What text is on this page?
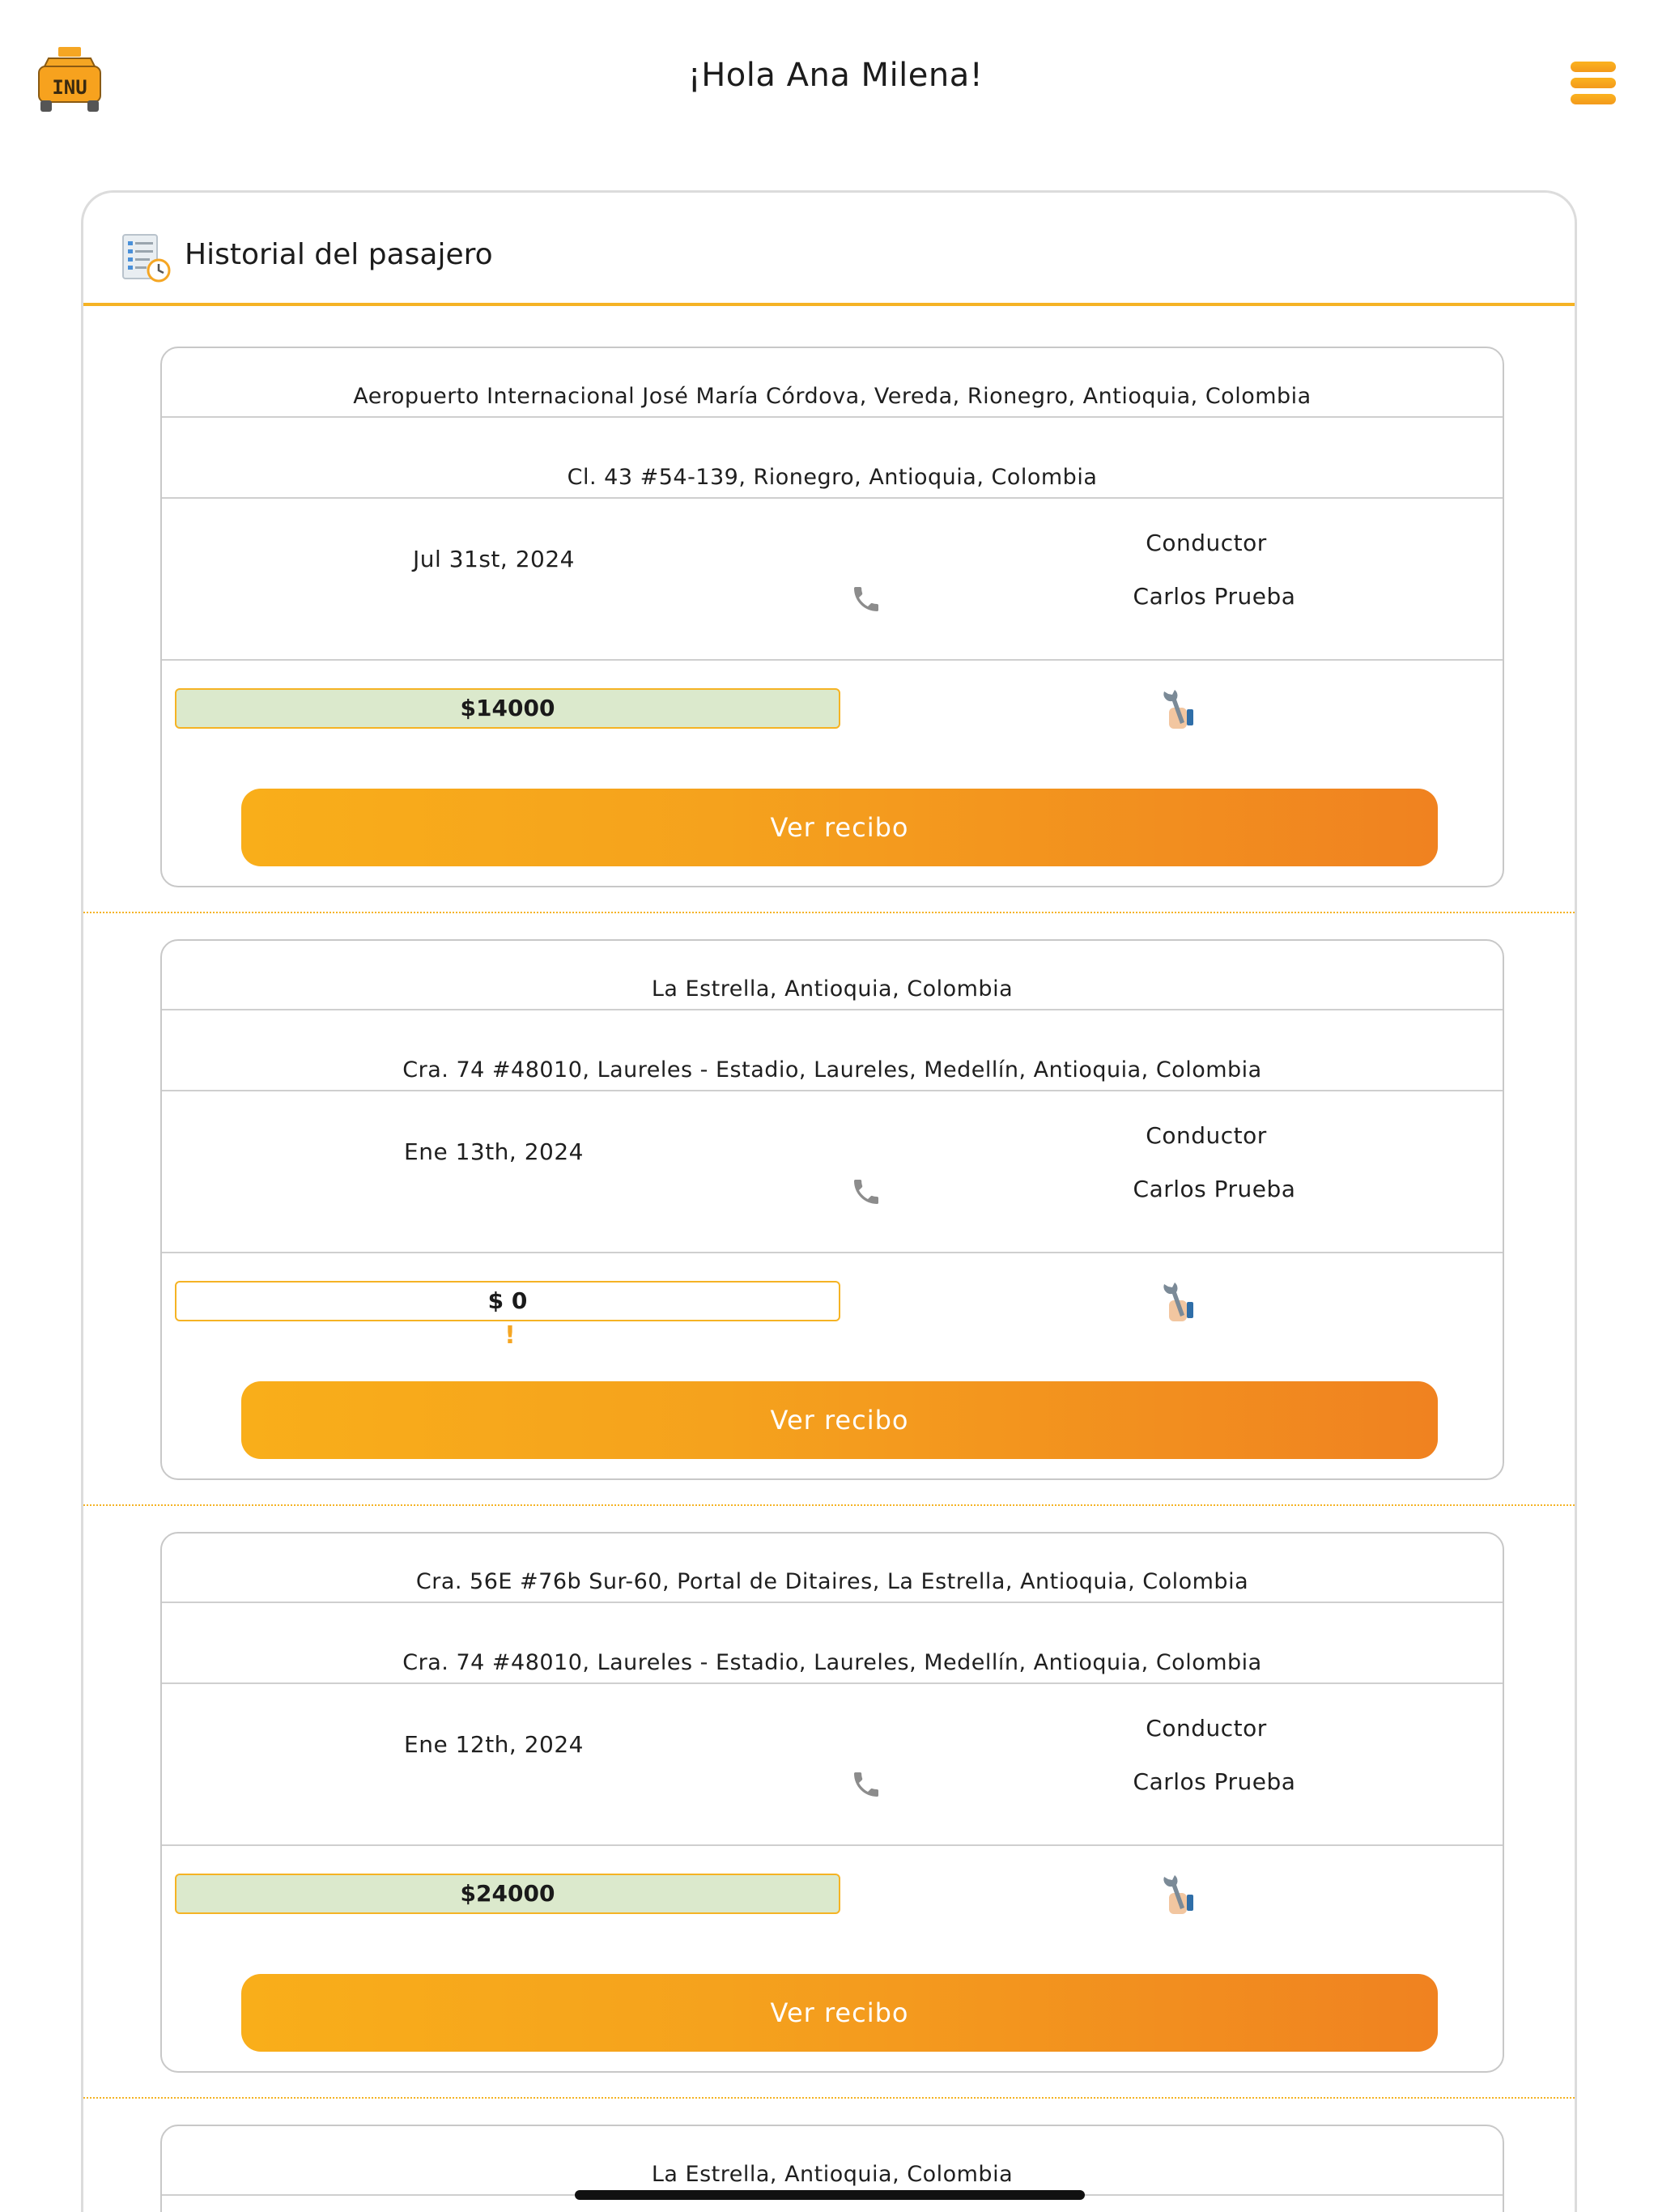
INU	¡Hola Ana Milena!
Historial del pasajero
Aeropuerto Internacional José María Córdova, Vereda, Rionegro, Antioquia, Colombia
Cl. 43 #54-139, Rionegro, Antioquia, Colombia
Jul 31st, 2024
Conductor
Carlos Prueba
$14000
Ver recibo
La Estrella, Antioquia, Colombia
Cra. 74 #48010, Laureles - Estadio, Laureles, Medellín, Antioquia, Colombia
Ene 13th, 2024
Conductor
Carlos Prueba
$ 0
!
Ver recibo
Cra. 56E #76b Sur-60, Portal de Ditaires, La Estrella, Antioquia, Colombia
Cra. 74 #48010, Laureles - Estadio, Laureles, Medellín, Antioquia, Colombia
Ene 12th, 2024
Conductor
Carlos Prueba
$24000
Ver recibo
La Estrella, Antioquia, Colombia
